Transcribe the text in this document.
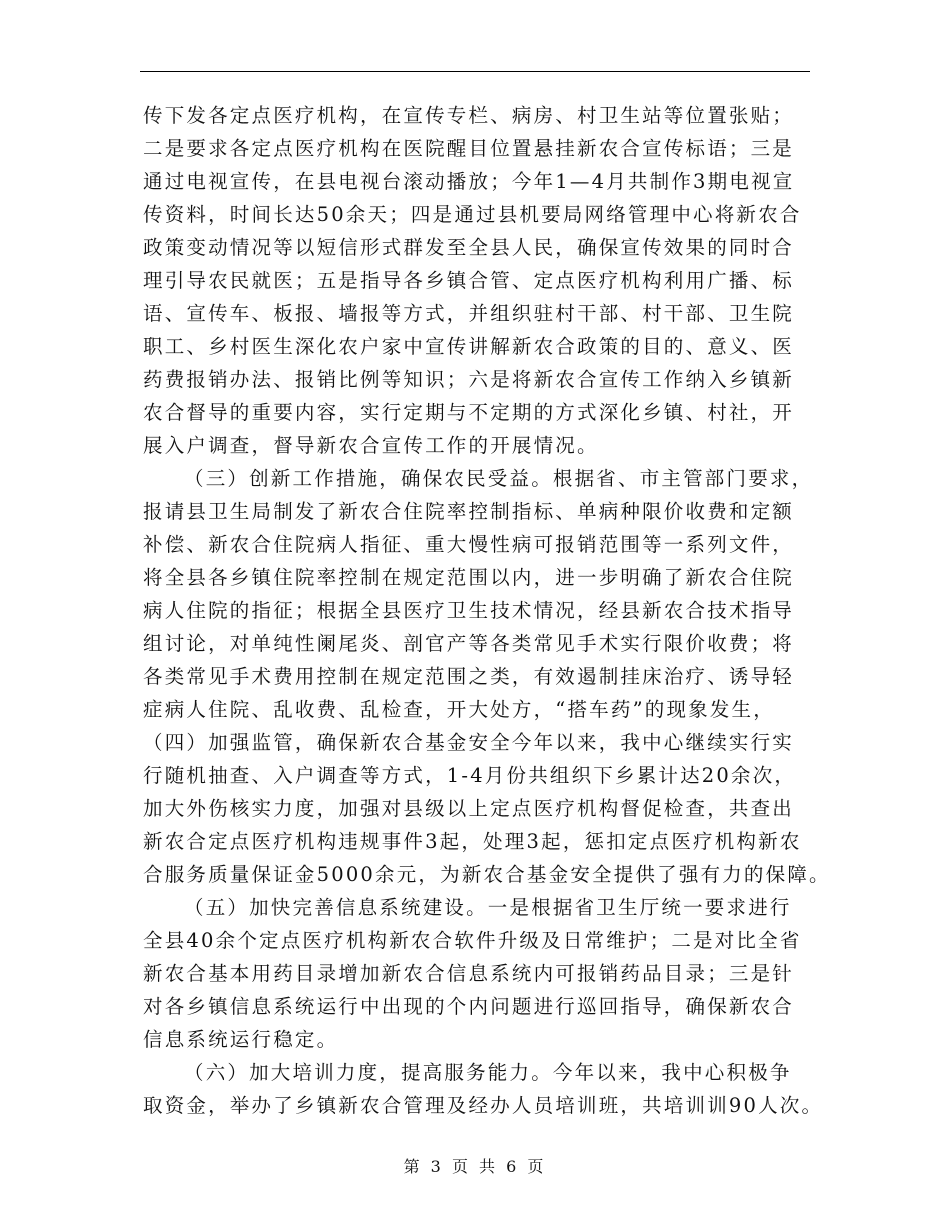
传下发各定点医疗机构，在宣传专栏、病房、村卫生站等位置张贴；
二是要求各定点医疗机构在医院醒目位置悬挂新农合宣传标语；三是
通过电视宣传，在县电视台滚动播放；今年1—4月共制作3期电视宣
传资料，时间长达50余天；四是通过县机要局网络管理中心将新农合
政策变动情况等以短信形式群发至全县人民，确保宣传效果的同时合
理引导农民就医；五是指导各乡镇合管、定点医疗机构利用广播、标
语、宣传车、板报、墙报等方式，并组织驻村干部、村干部、卫生院
职工、乡村医生深化农户家中宣传讲解新农合政策的目的、意义、医
药费报销办法、报销比例等知识；六是将新农合宣传工作纳入乡镇新
农合督导的重要内容，实行定期与不定期的方式深化乡镇、村社，开
展入户调查，督导新农合宣传工作的开展情况。
（三）创新工作措施，确保农民受益。根据省、市主管部门要求，
报请县卫生局制发了新农合住院率控制指标、单病种限价收费和定额
补偿、新农合住院病人指征、重大慢性病可报销范围等一系列文件，
将全县各乡镇住院率控制在规定范围以内，进一步明确了新农合住院
病人住院的指征；根据全县医疗卫生技术情况，经县新农合技术指导
组讨论，对单纯性阑尾炎、剖官产等各类常见手术实行限价收费；将
各类常见手术费用控制在规定范围之类，有效遏制挂床治疗、诱导轻
症病人住院、乱收费、乱检查，开大处方，“搭车药”的现象发生，
（四）加强监管，确保新农合基金安全今年以来，我中心继续实行实
行随机抽查、入户调查等方式，1-4月份共组织下乡累计达20余次，
加大外伤核实力度，加强对县级以上定点医疗机构督促检查，共查出
新农合定点医疗机构违规事件3起，处理3起，惩扣定点医疗机构新农
合服务质量保证金5000余元，为新农合基金安全提供了强有力的保障。
（五）加快完善信息系统建设。一是根据省卫生厅统一要求进行
全县40余个定点医疗机构新农合软件升级及日常维护；二是对比全省
新农合基本用药目录增加新农合信息系统内可报销药品目录；三是针
对各乡镇信息系统运行中出现的个内问题进行巡回指导，确保新农合
信息系统运行稳定。
（六）加大培训力度，提高服务能力。今年以来，我中心积极争
取资金，举办了乡镇新农合管理及经办人员培训班，共培训训90人次。
第 3 页 共 6 页
